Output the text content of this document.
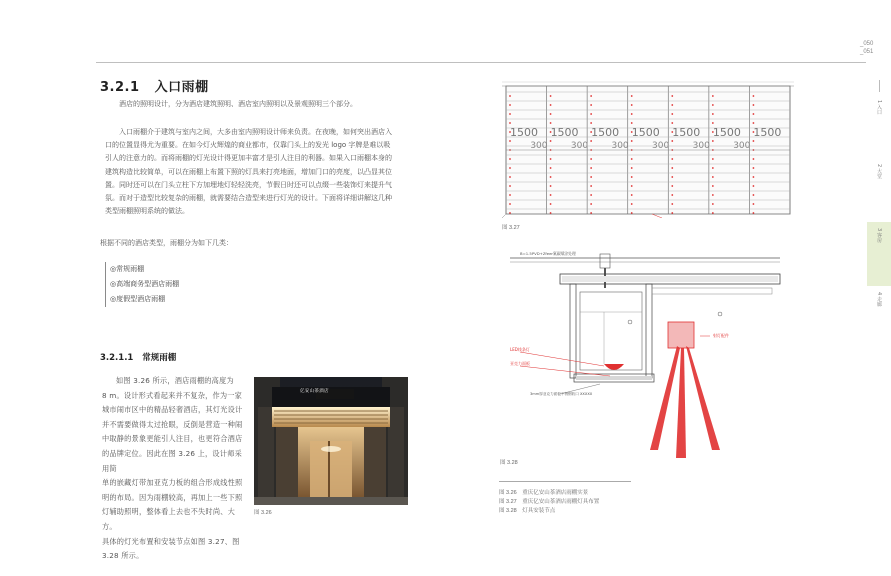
_050
_051
3.2.1 入口雨棚
酒店的照明设计，分为酒店建筑照明、酒店室内照明以及景观照明三个部分。
入口雨棚介于建筑与室内之间，大多由室内照明设计师来负责。在夜晚，如何突出酒店入
口的位置显得尤为重要。在如今灯火辉煌的商业都市，仅靠门头上的发光 logo 字牌是难以吸
引人的注意力的。而将雨棚的灯光设计得更加丰富才是引人注目的利器。如果入口雨棚本身的
建筑构造比较简单，可以在雨棚上布置下照的灯具来打亮地面，增加门口的亮度，以凸显其位
置。同时还可以在门头立柱下方加埋地灯轻轻洗亮，节假日时还可以点缀一些装饰灯来提升气
氛。而对于造型比较复杂的雨棚，就需要结合造型来进行灯光的设计。下面将详细讲解这几种
类型雨棚照明系统的做法。
根据不同的酒店类型，雨棚分为如下几类：
◎常规雨棚
◎高端商务型酒店雨棚
◎度假型酒店雨棚
3.2.1.1 常规雨棚
如图 3.26 所示，酒店雨棚的高度为
8 m。设计形式看起来并不复杂，作为一家
城市闹市区中的精品轻奢酒店，其灯光设计
并不需要做得太过抢眼，反倒是营造一种闹
中取静的景象更能引人注目，也更符合酒店
的品牌定位。因此在图 3.26 上，设计师采用简
单的嵌藏灯带加亚克力板的组合形成线性照
明的布局。因为雨棚较高，再加上一些下照
灯辅助照明，整体看上去也不失时尚、大方。
具体的灯光布置和安装节点如图 3.27、图
3.28 所示。
亿安山茶酒店
图 3.26
1500 1500 1500 1500 1500 1500 1500
300	300	300	300	300	300
图 3.27
B=1.5PVD+Zfeer氟碳喷涂处理
LED线条灯
亚克力面板
射灯配件
3mm厚亚克力面板不锈钢收口 XXXXX
图 3.28
图 3.26　重庆亿安山茶酒店雨棚实景
图 3.27　重庆亿安山茶酒店雨棚灯具布置
图 3.28　灯具安装节点
1 入口
2 大堂
3 客房
4 走廊
